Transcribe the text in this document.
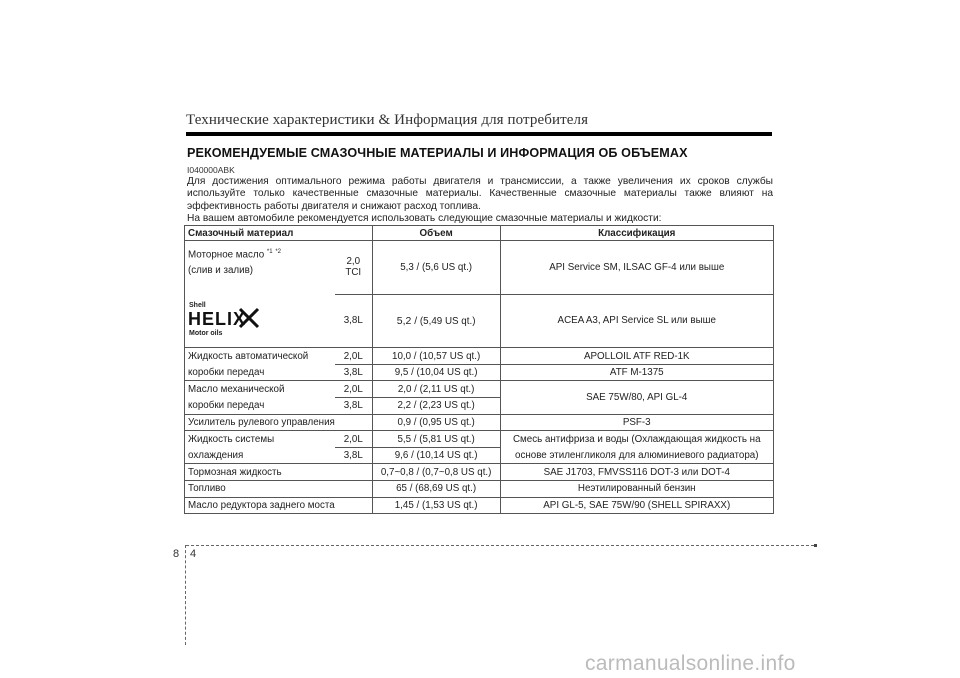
Технические характеристики & Информация для потребителя
РЕКОМЕНДУЕМЫЕ СМАЗОЧНЫЕ МАТЕРИАЛЫ И ИНФОРМАЦИЯ ОБ ОБЪЕМАХ
I040000ABK

Для достижения оптимального режима работы двигателя и трансмиссии, а также увеличения их сроков службы используйте только качественные смазочные материалы. Качественные смазочные материалы также влияют на эффективность работы двигателя и снижают расход топлива.

На вашем автомобиле рекомендуется использовать следующие смазочные материалы и жидкости:

Смазочный материал		Объем	Классификация
Моторное масло $^{*1}$ $^{*2}$
(слив и залив)
Shell
HELIX
Motor oils	2,0 TCI	5,3 / (5,6 US qt.)	API Service SM, ILSAC GF-4 или выше
	3,8L	5,2 / (5,49 US qt.)	ACEA A3, API Service SL или выше
Жидкость автоматической	2,0L	10,0 / (10,57 US qt.)	APOLLOIL ATF RED-1K
коробки передач	3,8L	9,5 / (10,04 US qt.)	ATF M-1375
Масло механической	2,0L	2,0 / (2,11 US qt.)	SAE 75W/80, API GL-4
коробки передач	3,8L	2,2 / (2,23 US qt.)	
Усилитель рулевого управления		0,9 / (0,95 US qt.)	PSF-3
Жидкость системы	2,0L	5,5 / (5,81 US qt.)	Смесь антифриза и воды (Охлаждающая жидкость на
охлаждения	3,8L	9,6 / (10,14 US qt.)	основе этиленгликоля для алюминиевого радиатора)
Тормозная жидкость		0,7~0,8 / (0,7~0,8 US qt.)	SAE J1703, FMVSS116 DOT-3 или DOT-4
Топливо		65 / (68,69 US qt.)	Неэтилированный бензин
Масло редуктора заднего моста		1,45 / (1,53 US qt.)	API GL-5, SAE 75W/90 (SHELL SPIRAXX)
8 4
carmanualsonline.info
